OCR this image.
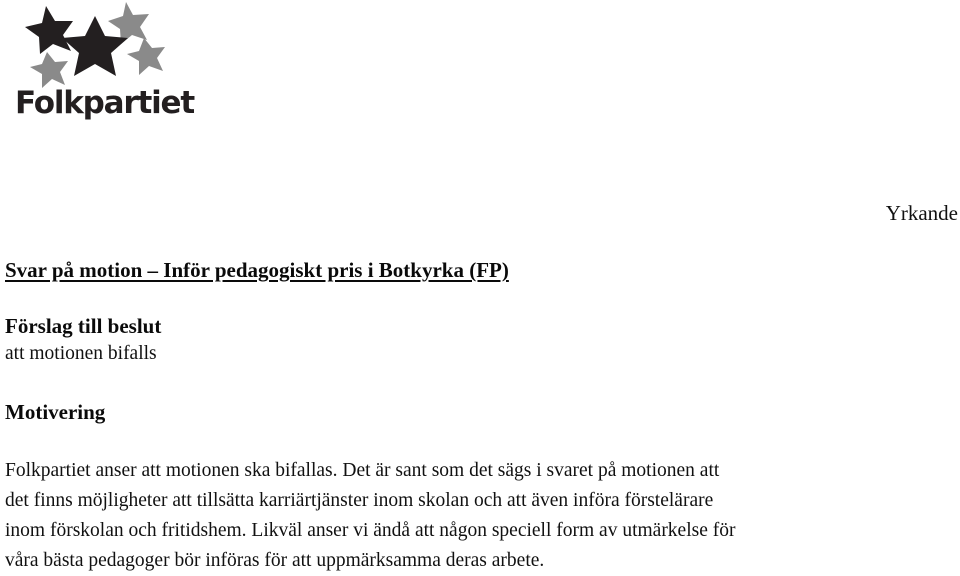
Folkpartiet
Yrkande
Svar på motion – Inför pedagogiskt pris i Botkyrka (FP)
Förslag till beslut
att motionen bifalls
Motivering

Folkpartiet anser att motionen ska bifallas. Det är sant som det sägs i svaret på motionen att
det finns möjligheter att tillsätta karriärtjänster inom skolan och att även införa förstelärare
inom förskolan och fritidshem. Likväl anser vi ändå att någon speciell form av utmärkelse för
våra bästa pedagoger bör införas för att uppmärksamma deras arbete.
